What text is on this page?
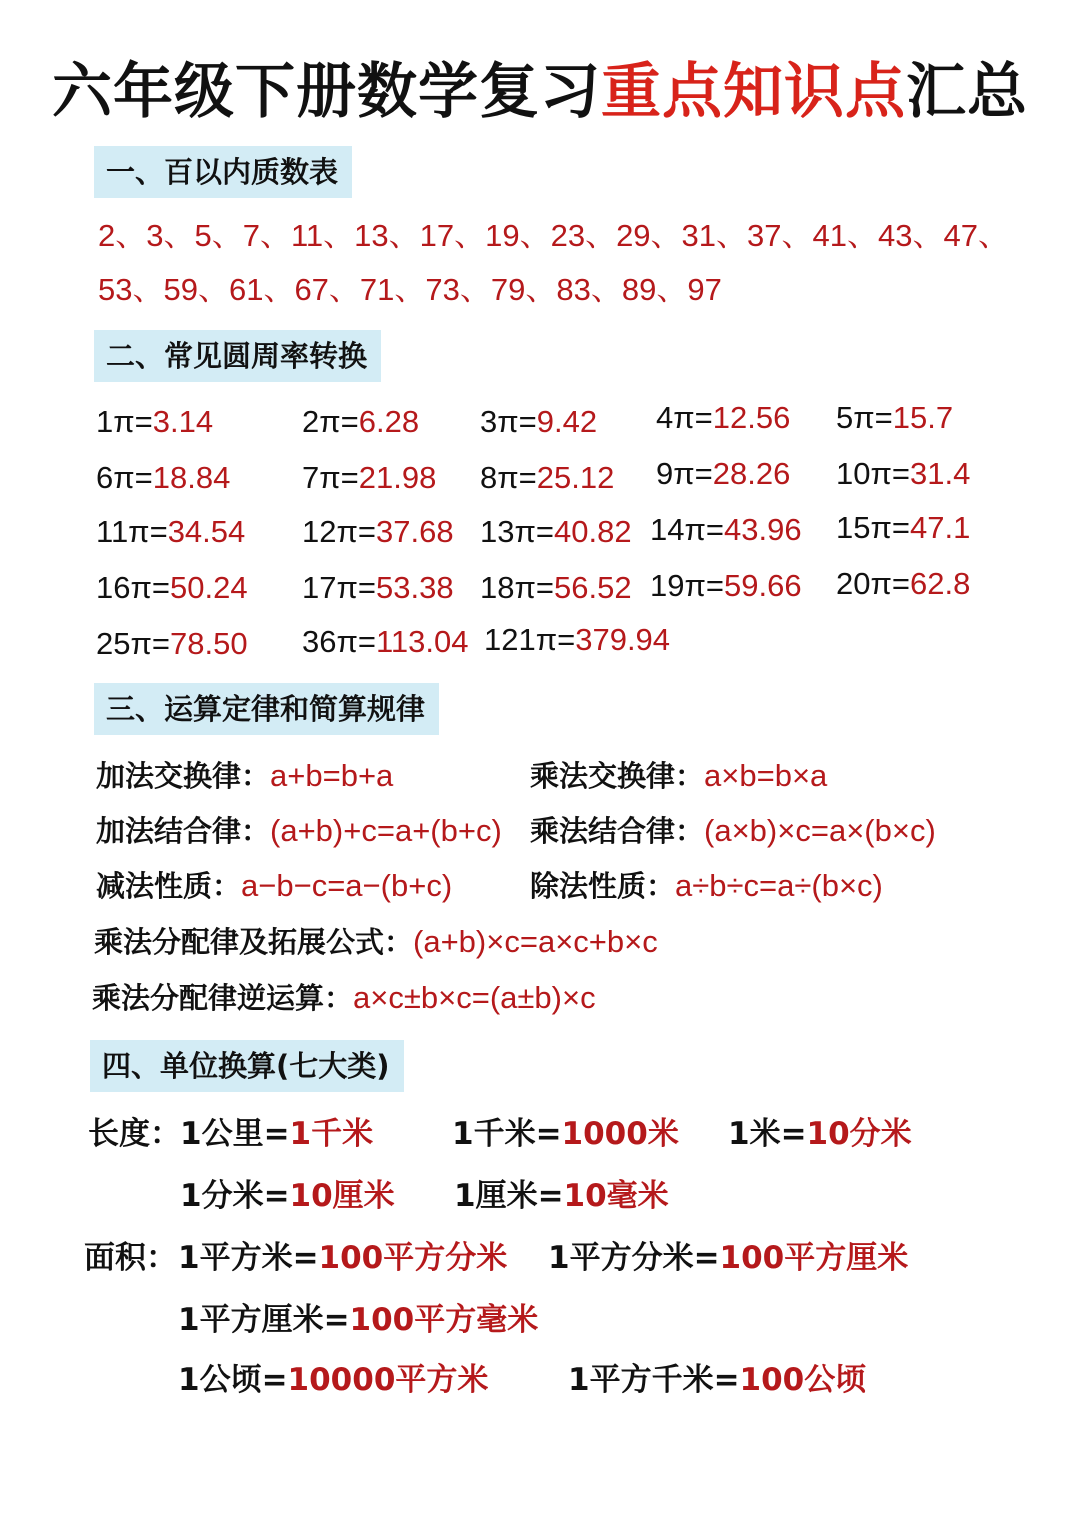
六年级下册数学复习重点知识点汇总
一、百以内质数表
2、3、5、7、11、13、17、19、23、29、31、37、41、43、47、
53、59、61、67、71、73、79、83、89、97
二、常见圆周率转换
1π=3.14	2π=6.28 3π=9.42 4π=12.56 5π=15.7
6π=18.84 7π=21.98 8π=25.12 9π=28.26 10π=31.4
11π=34.54 12π=37.68 13π=40.82 14π=43.96 15π=47.1
16π=50.24 17π=53.38 18π=56.52 19π=59.66 20π=62.8
25π=78.50 36π=113.04 121π=379.94
三、运算定律和简算规律
加法交换律：a+b=b+a	乘法交换律：a×b=b×a
加法结合律：(a+b)+c=a+(b+c) 乘法结合律：(a×b)×c=a×(b×c)
减法性质：a−b−c=a−(b+c)	除法性质：a÷b÷c=a÷(b×c)
乘法分配律及拓展公式：(a+b)×c=a×c+b×c
乘法分配律逆运算：a×c±b×c=(a±b)×c
四、单位换算(七大类)
长度： 1公里=1千米	1千米=1000米 1米=10分米
1分米=10厘米 1厘米=10毫米
面积： 1平方米=100平方分米 1平方分米=100平方厘米
1平方厘米=100平方毫米
1公顷=10000平方米	1平方千米=100公顷
